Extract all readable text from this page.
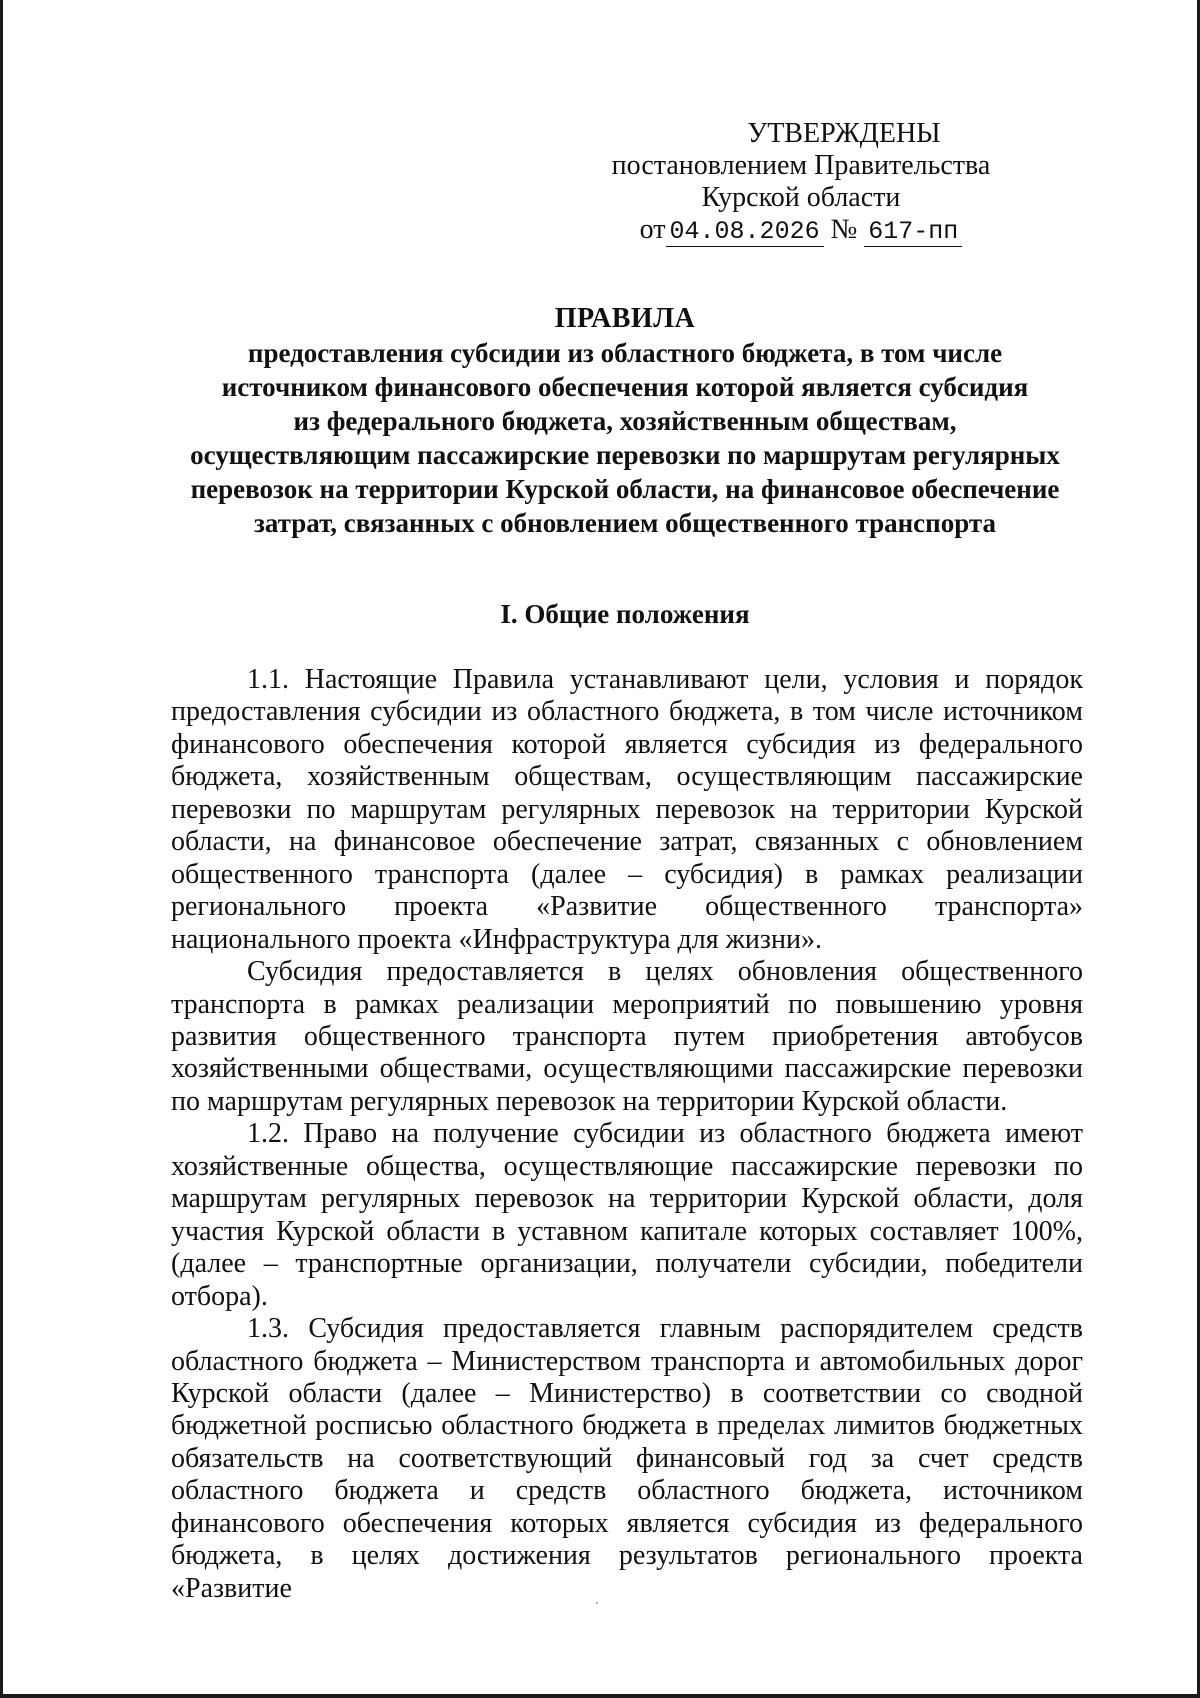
УТВЕРЖДЕНЫ
постановлением Правительства
Курской области
от 04.08.2026 № 617-пп
ПРАВИЛА
предоставления субсидии из областного бюджета, в том числе
источником финансового обеспечения которой является субсидия
из федерального бюджета, хозяйственным обществам,
осуществляющим пассажирские перевозки по маршрутам регулярных
перевозок на территории Курской области, на финансовое обеспечение
затрат, связанных с обновлением общественного транспорта
I. Общие положения

1.1. Настоящие Правила устанавливают цели, условия и порядок предоставления субсидии из областного бюджета, в том числе источником финансового обеспечения которой является субсидия из федерального бюджета, хозяйственным обществам, осуществляющим пассажирские перевозки по маршрутам регулярных перевозок на территории Курской области, на финансовое обеспечение затрат, связанных с обновлением общественного транспорта (далее – субсидия) в рамках реализации регионального проекта «Развитие общественного транспорта» национального проекта «Инфраструктура для жизни».

Субсидия предоставляется в целях обновления общественного транспорта в рамках реализации мероприятий по повышению уровня развития общественного транспорта путем приобретения автобусов хозяйственными обществами, осуществляющими пассажирские перевозки по маршрутам регулярных перевозок на территории Курской области.

1.2. Право на получение субсидии из областного бюджета имеют хозяйственные общества, осуществляющие пассажирские перевозки по маршрутам регулярных перевозок на территории Курской области, доля участия Курской области в уставном капитале которых составляет 100%, (далее – транспортные организации, получатели субсидии, победители отбора).

1.3. Субсидия предоставляется главным распорядителем средств областного бюджета – Министерством транспорта и автомобильных дорог Курской области (далее – Министерство) в соответствии со сводной бюджетной росписью областного бюджета в пределах лимитов бюджетных обязательств на соответствующий финансовый год за счет средств областного бюджета и средств областного бюджета, источником финансового обеспечения которых является субсидия из федерального бюджета, в целях достижения результатов регионального проекта «Развитие
